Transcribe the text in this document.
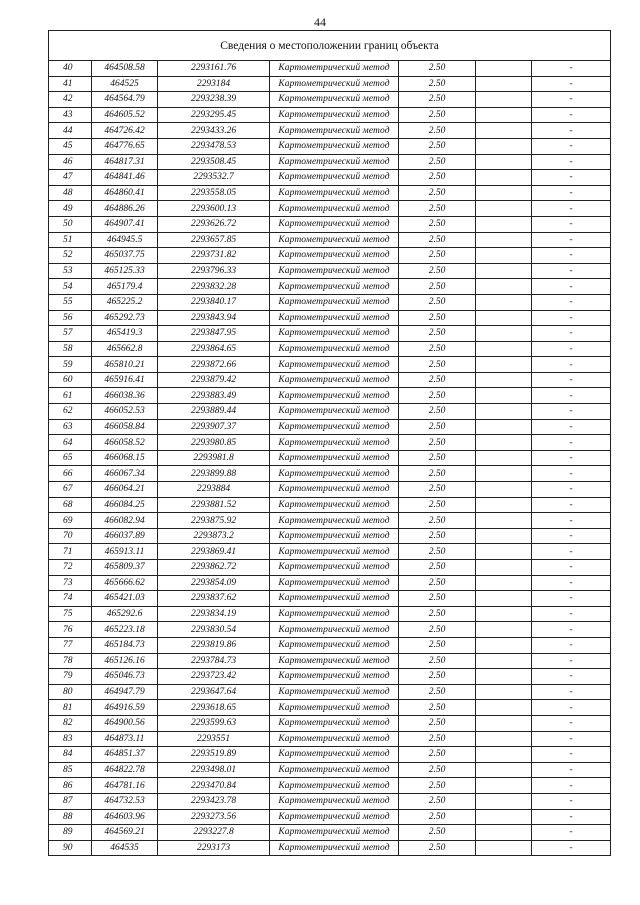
44
Сведения о местоположении границ объекта						
40	464508.58	2293161.76	Картометрический метод	2.50		-
41	464525	2293184	Картометрический метод	2.50		-
42	464564.79	2293238.39	Картометрический метод	2.50		-
43	464605.52	2293295.45	Картометрический метод	2.50		-
44	464726.42	2293433.26	Картометрический метод	2.50		-
45	464776.65	2293478.53	Картометрический метод	2.50		-
46	464817.31	2293508.45	Картометрический метод	2.50		-
47	464841.46	2293532.7	Картометрический метод	2.50		-
48	464860.41	2293558.05	Картометрический метод	2.50		-
49	464886.26	2293600.13	Картометрический метод	2.50		-
50	464907.41	2293626.72	Картометрический метод	2.50		-
51	464945.5	2293657.85	Картометрический метод	2.50		-
52	465037.75	2293731.82	Картометрический метод	2.50		-
53	465125.33	2293796.33	Картометрический метод	2.50		-
54	465179.4	2293832.28	Картометрический метод	2.50		-
55	465225.2	2293840.17	Картометрический метод	2.50		-
56	465292.73	2293843.94	Картометрический метод	2.50		-
57	465419.3	2293847.95	Картометрический метод	2.50		-
58	465662.8	2293864.65	Картометрический метод	2.50		-
59	465810.21	2293872.66	Картометрический метод	2.50		-
60	465916.41	2293879.42	Картометрический метод	2.50		-
61	466038.36	2293883.49	Картометрический метод	2.50		-
62	466052.53	2293889.44	Картометрический метод	2.50		-
63	466058.84	2293907.37	Картометрический метод	2.50		-
64	466058.52	2293980.85	Картометрический метод	2.50		-
65	466068.15	2293981.8	Картометрический метод	2.50		-
66	466067.34	2293899.88	Картометрический метод	2.50		-
67	466064.21	2293884	Картометрический метод	2.50		-
68	466084.25	2293881.52	Картометрический метод	2.50		-
69	466082.94	2293875.92	Картометрический метод	2.50		-
70	466037.89	2293873.2	Картометрический метод	2.50		-
71	465913.11	2293869.41	Картометрический метод	2.50		-
72	465809.37	2293862.72	Картометрический метод	2.50		-
73	465666.62	2293854.09	Картометрический метод	2.50		-
74	465421.03	2293837.62	Картометрический метод	2.50		-
75	465292.6	2293834.19	Картометрический метод	2.50		-
76	465223.18	2293830.54	Картометрический метод	2.50		-
77	465184.73	2293819.86	Картометрический метод	2.50		-
78	465126.16	2293784.73	Картометрический метод	2.50		-
79	465046.73	2293723.42	Картометрический метод	2.50		-
80	464947.79	2293647.64	Картометрический метод	2.50		-
81	464916.59	2293618.65	Картометрический метод	2.50		-
82	464900.56	2293599.63	Картометрический метод	2.50		-
83	464873.11	2293551	Картометрический метод	2.50		-
84	464851.37	2293519.89	Картометрический метод	2.50		-
85	464822.78	2293498.01	Картометрический метод	2.50		-
86	464781.16	2293470.84	Картометрический метод	2.50		-
87	464732.53	2293423.78	Картометрический метод	2.50		-
88	464603.96	2293273.56	Картометрический метод	2.50		-
89	464569.21	2293227.8	Картометрический метод	2.50		-
90	464535	2293173	Картометрический метод	2.50		-
